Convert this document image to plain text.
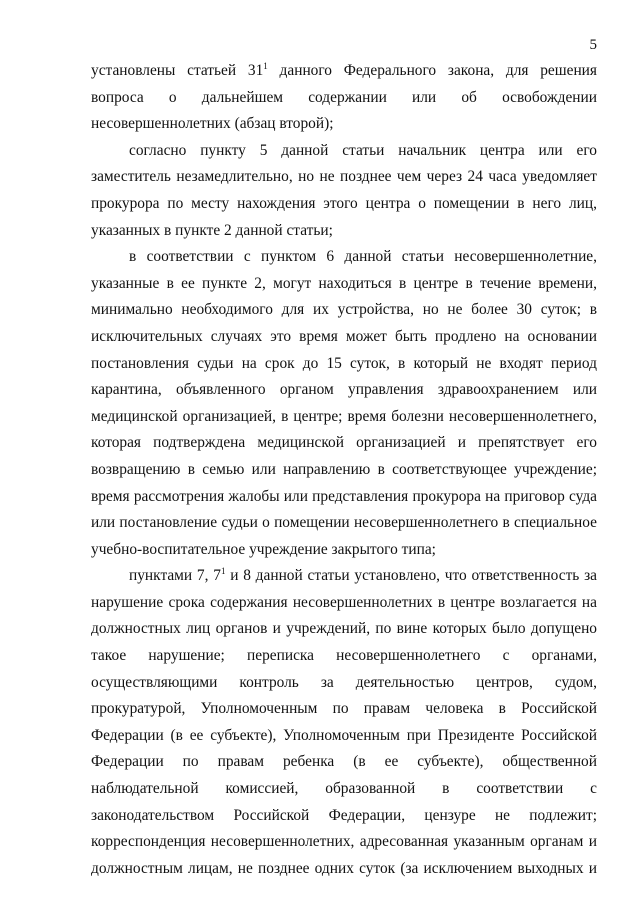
5
установлены статьей $31^1$ данного Федерального закона, для решения
вопроса о дальнейшем содержании или об освобождении
несовершеннолетних (абзац второй);
согласно пункту 5 данной статьи начальник центра или его
заместитель незамедлительно, но не позднее чем через 24 часа уведомляет
прокурора по месту нахождения этого центра о помещении в него лиц,
указанных в пункте 2 данной статьи;
в соответствии с пунктом 6 данной статьи несовершеннолетние,
указанные в ее пункте 2, могут находиться в центре в течение времени,
минимально необходимого для их устройства, но не более 30 суток; в
исключительных случаях это время может быть продлено на основании
постановления судьи на срок до 15 суток, в который не входят период
карантина, объявленного органом управления здравоохранением или
медицинской организацией, в центре; время болезни несовершеннолетнего,
которая подтверждена медицинской организацией и препятствует его
возвращению в семью или направлению в соответствующее учреждение;
время рассмотрения жалобы или представления прокурора на приговор суда
или постановление судьи о помещении несовершеннолетнего в специальное
учебно-воспитательное учреждение закрытого типа;
пунктами 7, $7^1$ и 8 данной статьи установлено, что ответственность за
нарушение срока содержания несовершеннолетних в центре возлагается на
должностных лиц органов и учреждений, по вине которых было допущено
такое нарушение; переписка несовершеннолетнего с органами,
осуществляющими контроль за деятельностью центров, судом,
прокуратурой, Уполномоченным по правам человека в Российской
Федерации (в ее субъекте), Уполномоченным при Президенте Российской
Федерации по правам ребенка (в ее субъекте), общественной
наблюдательной комиссией, образованной в соответствии с
законодательством Российской Федерации, цензуре не подлежит;
корреспонденция несовершеннолетних, адресованная указанным органам и
должностным лицам, не позднее одних суток (за исключением выходных и
